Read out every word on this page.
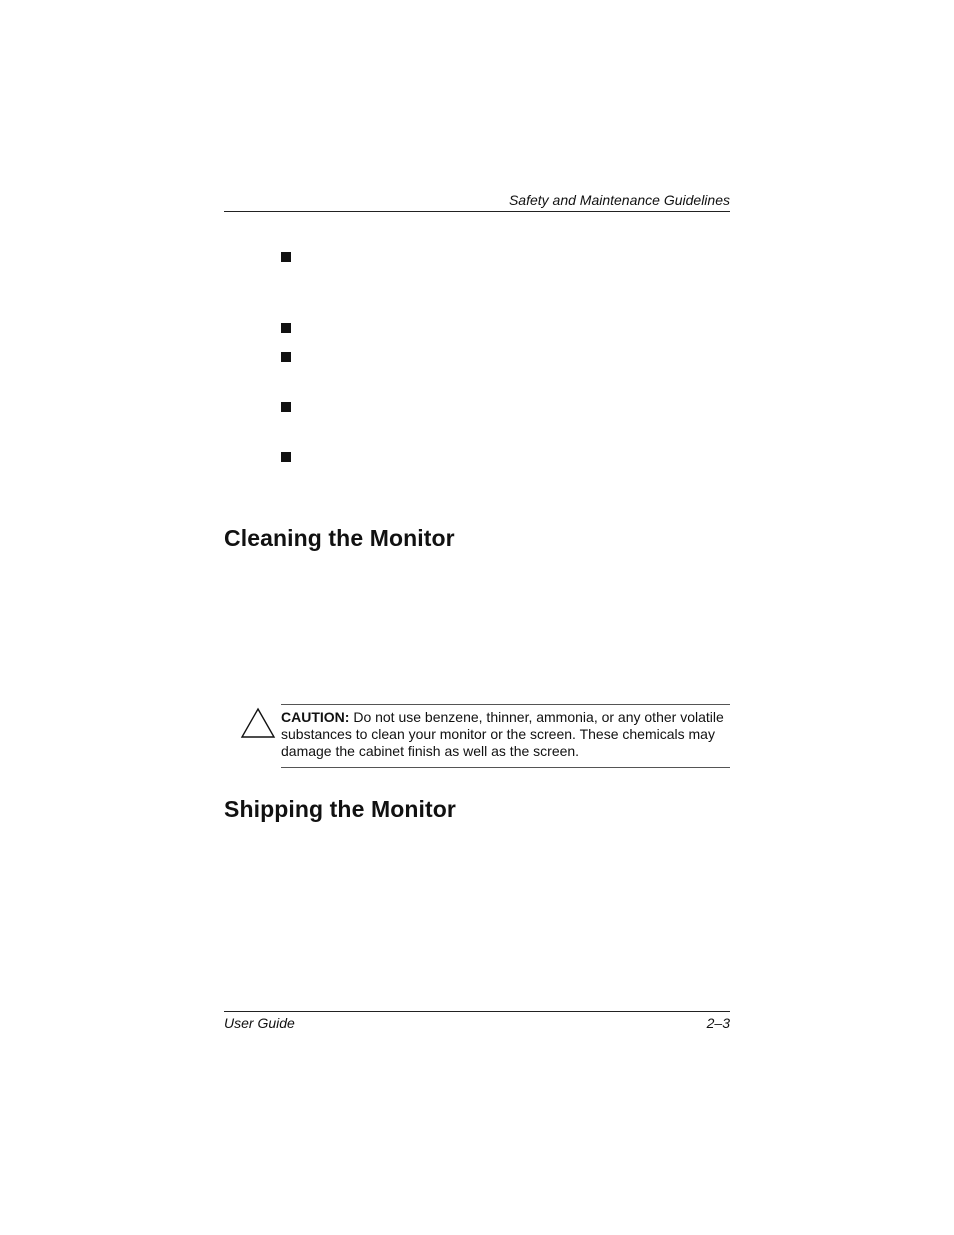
Safety and Maintenance Guidelines
Cleaning the Monitor

CAUTION: Do not use benzene, thinner, ammonia, or any other volatile substances to clean your monitor or the screen. These chemicals may damage the cabinet finish as well as the screen.

Shipping the Monitor
User Guide	2–3
